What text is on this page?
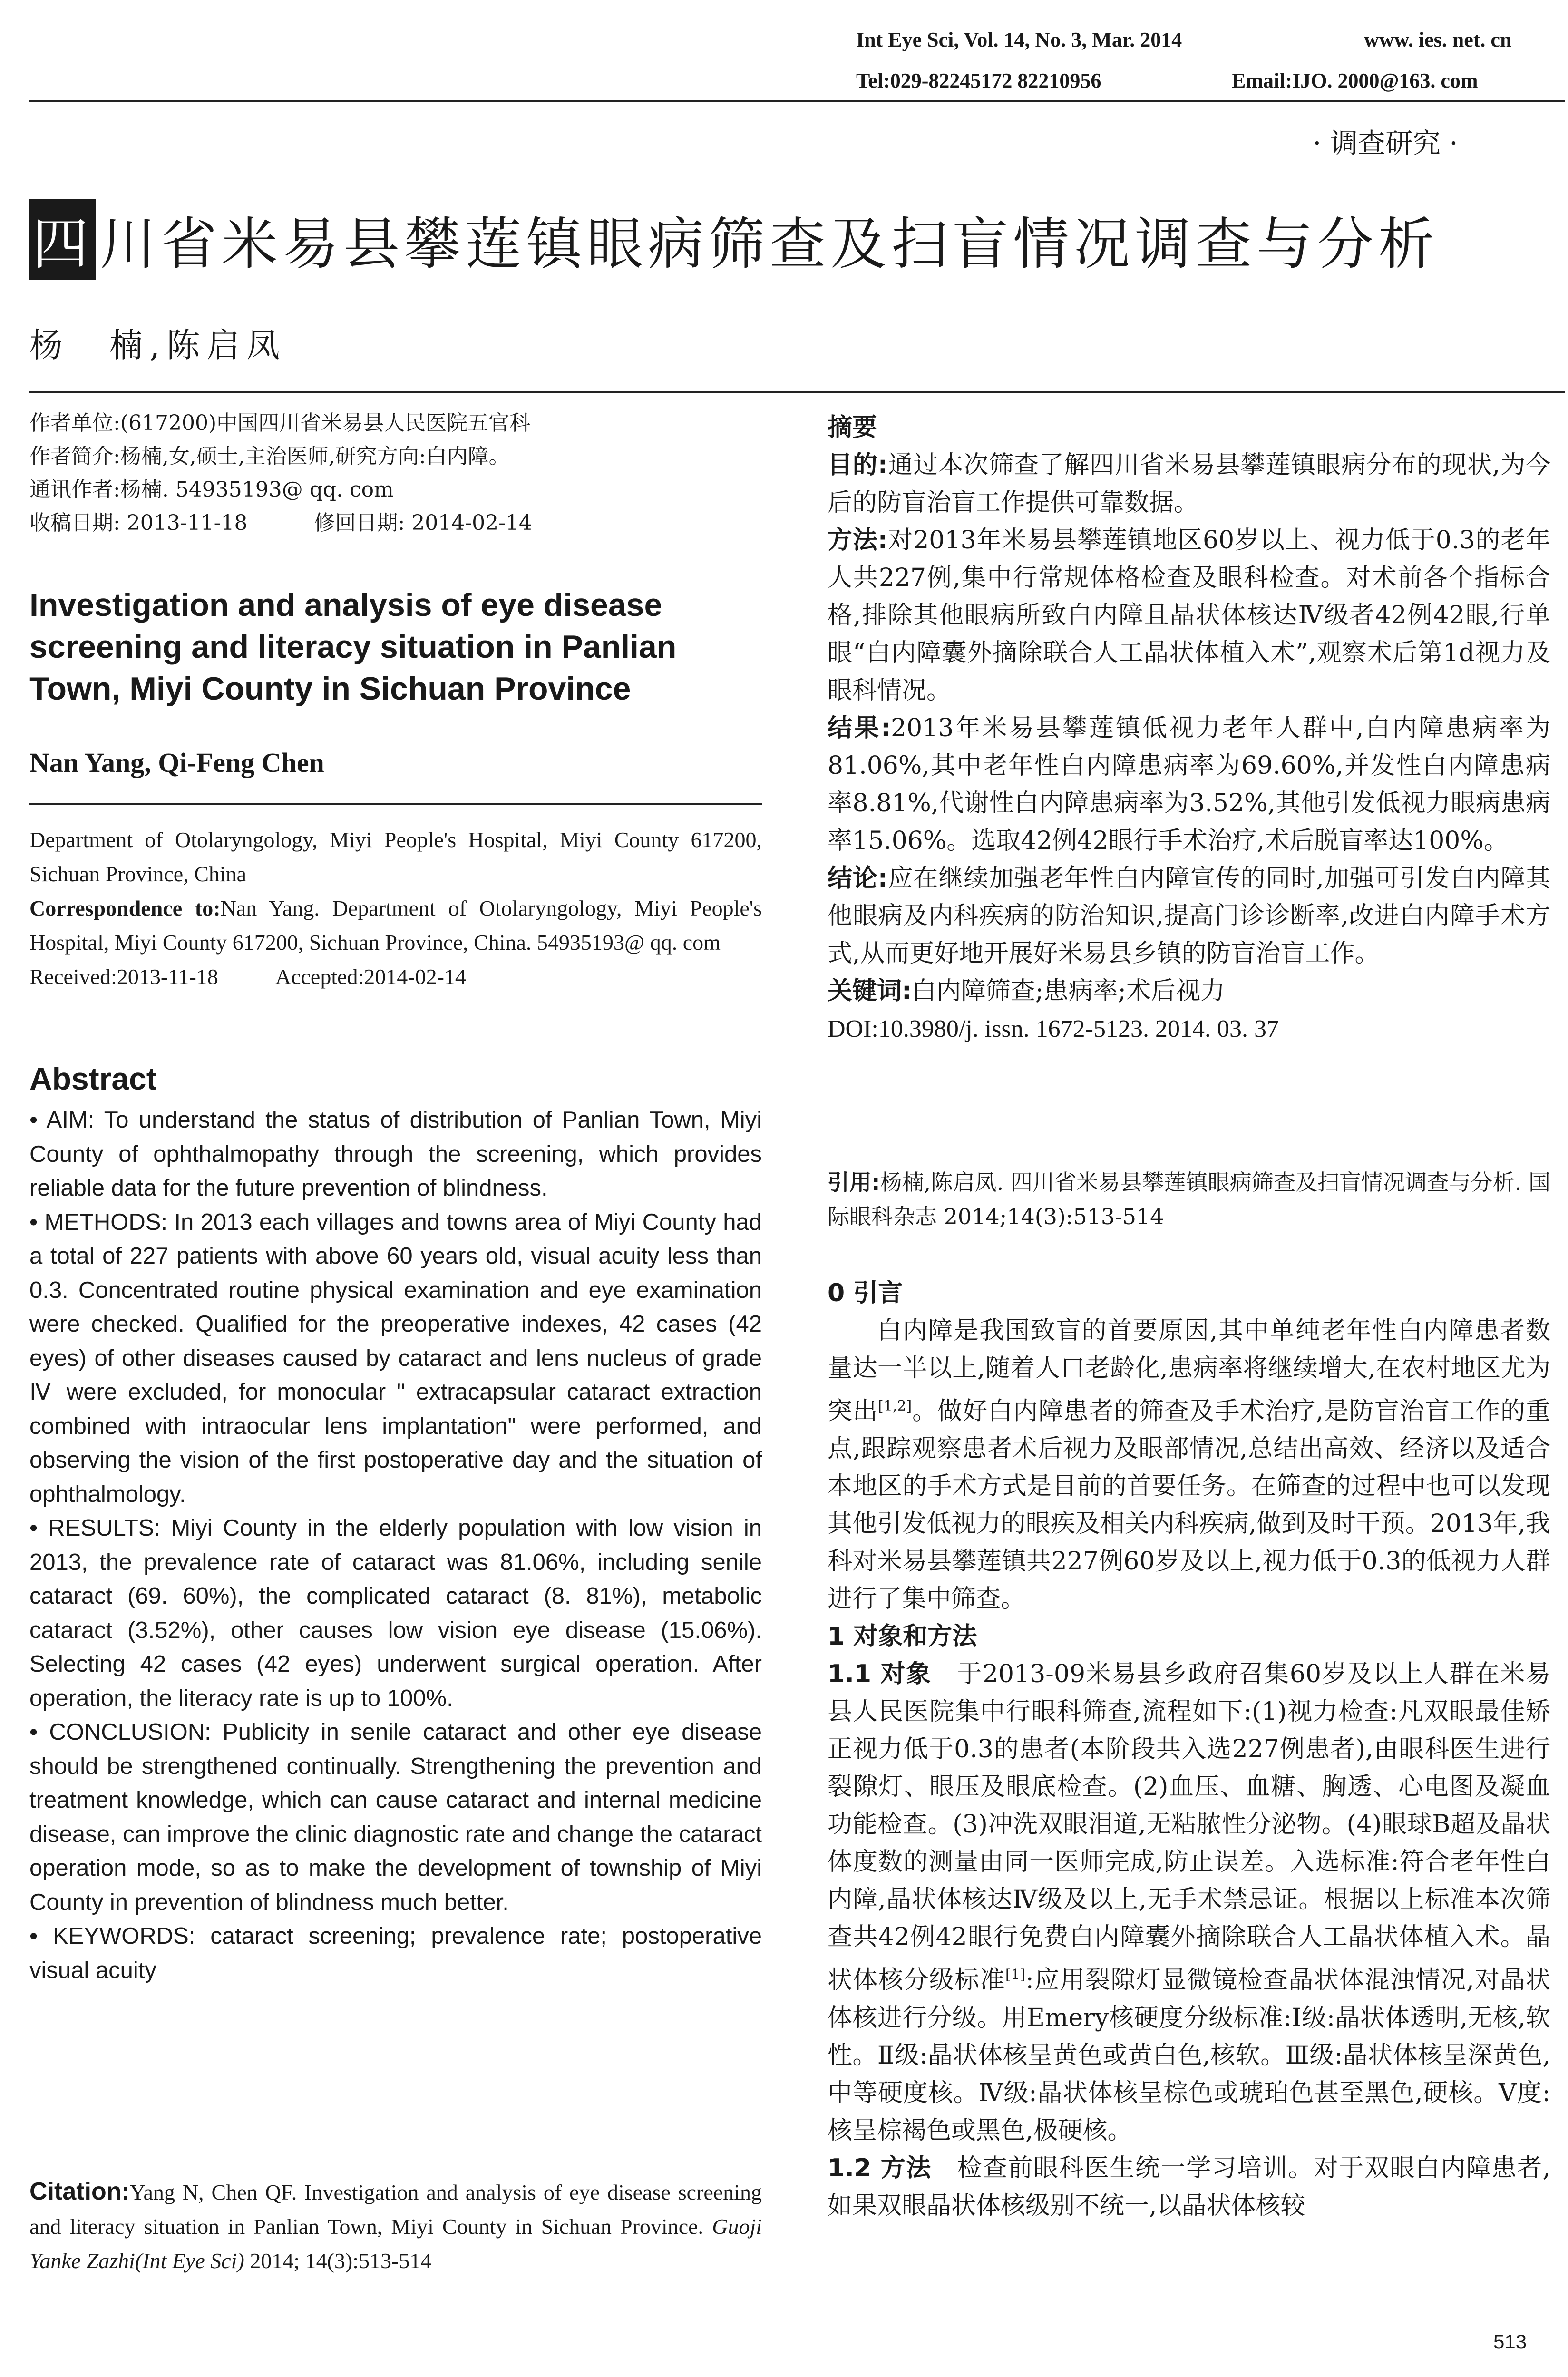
Int Eye Sci, Vol. 14, No. 3, Mar. 2014	www. ies. net. cn
Tel:029-82245172 82210956	Email:IJO. 2000@163. com
· 调查研究 ·
四 川省米易县攀莲镇眼病筛查及扫盲情况调查与分析
杨　楠,陈启凤
作者单位:(617200)中国四川省米易县人民医院五官科
作者简介:杨楠,女,硕士,主治医师,研究方向:白内障。
通讯作者:杨楠. 54935193@ qq. com
收稿日期: 2013-11-18	修回日期: 2014-02-14
Investigation and analysis of eye disease screening and literacy situation in Panlian Town, Miyi County in Sichuan Province
Nan Yang, Qi-Feng Chen
Department of Otolaryngology, Miyi People's Hospital, Miyi County 617200, Sichuan Province, China
Correspondence to:Nan Yang. Department of Otolaryngology, Miyi People's Hospital, Miyi County 617200, Sichuan Province, China. 54935193@ qq. com
Received:2013-11-18	Accepted:2014-02-14
Abstract

• AIM: To understand the status of distribution of Panlian Town, Miyi County of ophthalmopathy through the screening, which provides reliable data for the future prevention of blindness.

• METHODS: In 2013 each villages and towns area of Miyi County had a total of 227 patients with above 60 years old, visual acuity less than 0.3. Concentrated routine physical examination and eye examination were checked. Qualified for the preoperative indexes, 42 cases (42 eyes) of other diseases caused by cataract and lens nucleus of grade Ⅳ were excluded, for monocular " extracapsular cataract extraction combined with intraocular lens implantation" were performed, and observing the vision of the first postoperative day and the situation of ophthalmology.

• RESULTS: Miyi County in the elderly population with low vision in 2013, the prevalence rate of cataract was 81.06%, including senile cataract (69. 60%), the complicated cataract (8. 81%), metabolic cataract (3.52%), other causes low vision eye disease (15.06%). Selecting 42 cases (42 eyes) underwent surgical operation. After operation, the literacy rate is up to 100%.

• CONCLUSION: Publicity in senile cataract and other eye disease should be strengthened continually. Strengthening the prevention and treatment knowledge, which can cause cataract and internal medicine disease, can improve the clinic diagnostic rate and change the cataract operation mode, so as to make the development of township of Miyi County in prevention of blindness much better.

• KEYWORDS: cataract screening; prevalence rate; postoperative visual acuity

Citation:Yang N, Chen QF. Investigation and analysis of eye disease screening and literacy situation in Panlian Town, Miyi County in Sichuan Province. Guoji Yanke Zazhi(Int Eye Sci) 2014; 14(3):513-514

摘要

目的:通过本次筛查了解四川省米易县攀莲镇眼病分布的现状,为今后的防盲治盲工作提供可靠数据。

方法:对2013年米易县攀莲镇地区60岁以上、视力低于0.3的老年人共227例,集中行常规体格检查及眼科检查。对术前各个指标合格,排除其他眼病所致白内障且晶状体核达Ⅳ级者42例42眼,行单眼“白内障囊外摘除联合人工晶状体植入术”,观察术后第1d视力及眼科情况。

结果:2013年米易县攀莲镇低视力老年人群中,白内障患病率为81.06%,其中老年性白内障患病率为69.60%,并发性白内障患病率8.81%,代谢性白内障患病率为3.52%,其他引发低视力眼病患病率15.06%。选取42例42眼行手术治疗,术后脱盲率达100%。

结论:应在继续加强老年性白内障宣传的同时,加强可引发白内障其他眼病及内科疾病的防治知识,提高门诊诊断率,改进白内障手术方式,从而更好地开展好米易县乡镇的防盲治盲工作。

关键词:白内障筛查;患病率;术后视力

DOI:10.3980/j. issn. 1672-5123. 2014. 03. 37

引用:杨楠,陈启凤. 四川省米易县攀莲镇眼病筛查及扫盲情况调查与分析. 国际眼科杂志 2014;14(3):513-514

0 引言

白内障是我国致盲的首要原因,其中单纯老年性白内障患者数量达一半以上,随着人口老龄化,患病率将继续增大,在农村地区尤为突出[1,2]。做好白内障患者的筛查及手术治疗,是防盲治盲工作的重点,跟踪观察患者术后视力及眼部情况,总结出高效、经济以及适合本地区的手术方式是目前的首要任务。在筛查的过程中也可以发现其他引发低视力的眼疾及相关内科疾病,做到及时干预。2013年,我科对米易县攀莲镇共227例60岁及以上,视力低于0.3的低视力人群进行了集中筛查。

1 对象和方法

1.1 对象　于2013-09米易县乡政府召集60岁及以上人群在米易县人民医院集中行眼科筛查,流程如下:(1)视力检查:凡双眼最佳矫正视力低于0.3的患者(本阶段共入选227例患者),由眼科医生进行裂隙灯、眼压及眼底检查。(2)血压、血糖、胸透、心电图及凝血功能检查。(3)冲洗双眼泪道,无粘脓性分泌物。(4)眼球B超及晶状体度数的测量由同一医师完成,防止误差。入选标准:符合老年性白内障,晶状体核达Ⅳ级及以上,无手术禁忌证。根据以上标准本次筛查共42例42眼行免费白内障囊外摘除联合人工晶状体植入术。晶状体核分级标准[1]:应用裂隙灯显微镜检查晶状体混浊情况,对晶状体核进行分级。用Emery核硬度分级标准:Ⅰ级:晶状体透明,无核,软性。Ⅱ级:晶状体核呈黄色或黄白色,核软。Ⅲ级:晶状体核呈深黄色,中等硬度核。Ⅳ级:晶状体核呈棕色或琥珀色甚至黑色,硬核。Ⅴ度:核呈棕褐色或黑色,极硬核。

1.2 方法　检查前眼科医生统一学习培训。对于双眼白内障患者,如果双眼晶状体核级别不统一,以晶状体核较

513
